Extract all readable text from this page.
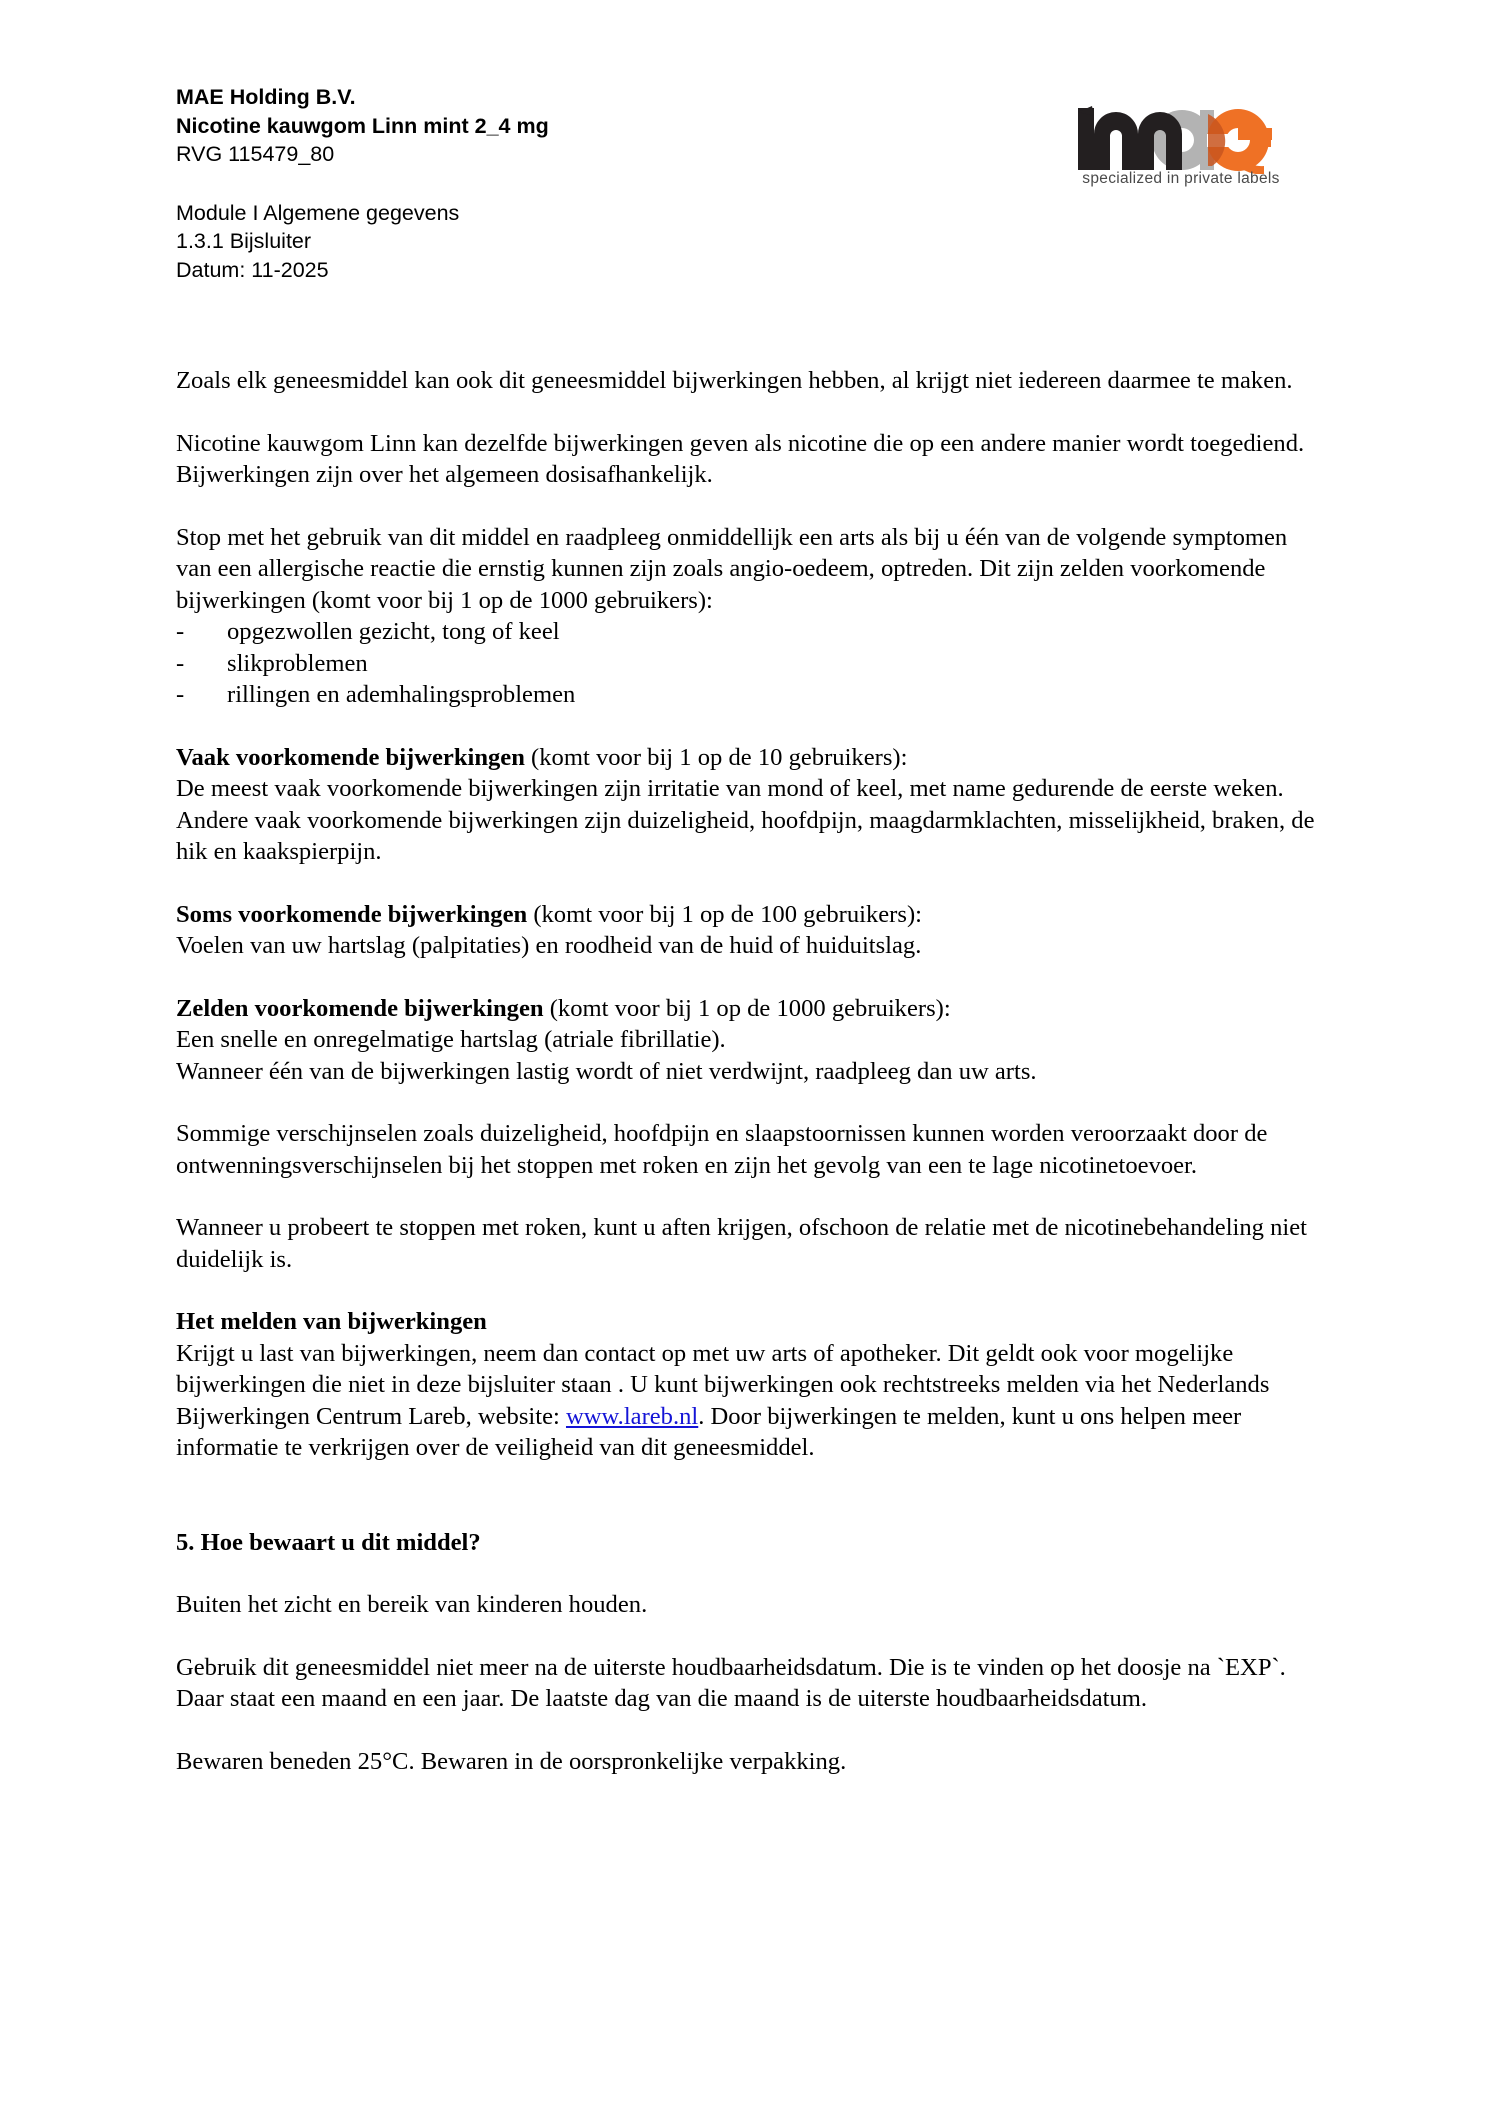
MAE Holding B.V.
Nicotine kauwgom Linn mint 2_4 mg
RVG 115479_80
Module I Algemene gegevens
1.3.1 Bijsluiter
Datum: 11-2025
specialized in private labels

Zoals elk geneesmiddel kan ook dit geneesmiddel bijwerkingen hebben, al krijgt niet iedereen daarmee te maken.

Nicotine kauwgom Linn kan dezelfde bijwerkingen geven als nicotine die op een andere manier wordt toegediend. Bijwerkingen zijn over het algemeen dosisafhankelijk.

Stop met het gebruik van dit middel en raadpleeg onmiddellijk een arts als bij u één van de volgende symptomen van een allergische reactie die ernstig kunnen zijn zoals angio-oedeem, optreden. Dit zijn zelden voorkomende bijwerkingen (komt voor bij 1 op de 1000 gebruikers):

- opgezwollen gezicht, tong of keel
- slikproblemen
- rillingen en ademhalingsproblemen
Vaak voorkomende bijwerkingen (komt voor bij 1 op de 10 gebruikers):
De meest vaak voorkomende bijwerkingen zijn irritatie van mond of keel, met name gedurende de eerste weken. Andere vaak voorkomende bijwerkingen zijn duizeligheid, hoofdpijn, maagdarmklachten, misselijkheid, braken, de hik en kaakspierpijn.
Soms voorkomende bijwerkingen (komt voor bij 1 op de 100 gebruikers):
Voelen van uw hartslag (palpitaties) en roodheid van de huid of huiduitslag.
Zelden voorkomende bijwerkingen (komt voor bij 1 op de 1000 gebruikers):
Een snelle en onregelmatige hartslag (atriale fibrillatie).
Wanneer één van de bijwerkingen lastig wordt of niet verdwijnt, raadpleeg dan uw arts.

Sommige verschijnselen zoals duizeligheid, hoofdpijn en slaapstoornissen kunnen worden veroorzaakt door de ontwenningsverschijnselen bij het stoppen met roken en zijn het gevolg van een te lage nicotinetoevoer.

Wanneer u probeert te stoppen met roken, kunt u aften krijgen, ofschoon de relatie met de nicotinebehandeling niet duidelijk is.

Het melden van bijwerkingen
Krijgt u last van bijwerkingen, neem dan contact op met uw arts of apotheker. Dit geldt ook voor mogelijke bijwerkingen die niet in deze bijsluiter staan . U kunt bijwerkingen ook rechtstreeks melden via het Nederlands Bijwerkingen Centrum Lareb, website: www.lareb.nl. Door bijwerkingen te melden, kunt u ons helpen meer informatie te verkrijgen over de veiligheid van dit geneesmiddel.
5. Hoe bewaart u dit middel?

Buiten het zicht en bereik van kinderen houden.

Gebruik dit geneesmiddel niet meer na de uiterste houdbaarheidsdatum. Die is te vinden op het doosje na `EXP`. Daar staat een maand en een jaar. De laatste dag van die maand is de uiterste houdbaarheidsdatum.

Bewaren beneden 25°C. Bewaren in de oorspronkelijke verpakking.
